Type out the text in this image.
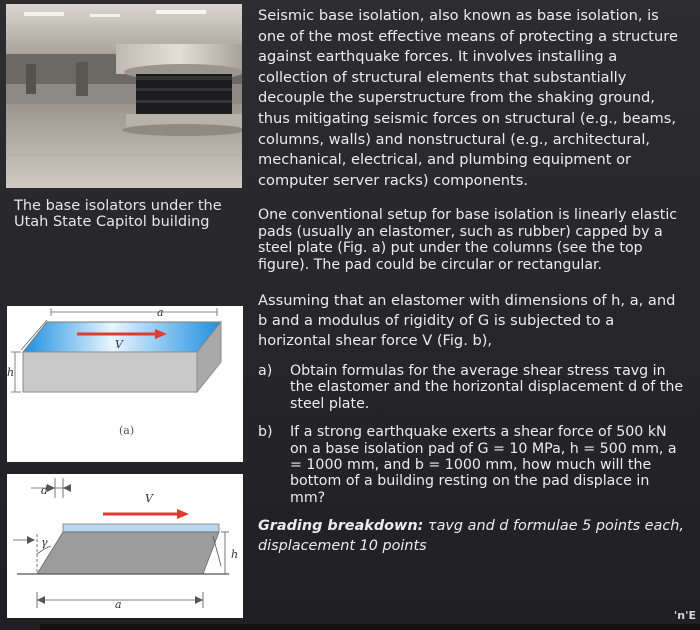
The base isolators under the Utah State Capitol building
a
V
h
(a)
d
V
γ
h
a

Seismic base isolation, also known as base isolation, is one of the most effective means of protecting a structure against earthquake forces. It involves installing a collection of structural elements that substantially decouple the superstructure from the shaking ground, thus mitigating seismic forces on structural (e.g., beams, columns, walls) and nonstructural (e.g., architectural, mechanical, electrical, and plumbing equipment or computer server racks) components.

One conventional setup for base isolation is linearly elastic pads (usually an elastomer, such as rubber) capped by a steel plate (Fig. a) put under the columns (see the top figure). The pad could be circular or rectangular.

Assuming that an elastomer with dimensions of h, a, and b and a modulus of rigidity of G is subjected to a horizontal shear force V (Fig. b),

a)	Obtain formulas for the average shear stress τavg in the elastomer and the horizontal displacement d of the steel plate.
b)	If a strong earthquake exerts a shear force of 500 kN on a base isolation pad of G = 10 MPa, h = 500 mm, a = 1000 mm, and b = 1000 mm, how much will the bottom of a building resting on the pad displace in mm?
Grading breakdown: τavg and d formulae 5 points each, displacement 10 points
'n'E
